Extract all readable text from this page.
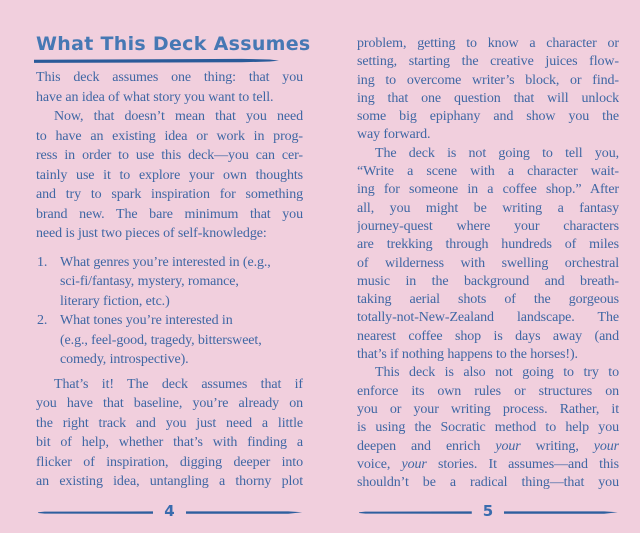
What This Deck Assumes
This deck assumes one thing: that you
have an idea of what story you want to tell.
Now, that doesn’t mean that you need
to have an existing idea or work in prog-
ress in order to use this deck—you can cer-
tainly use it to explore your own thoughts
and try to spark inspiration for something
brand new. The bare minimum that you
need is just two pieces of self-knowledge:
1. What genres you’re interested in (e.g.,
sci-fi/fantasy, mystery, romance,
literary fiction, etc.)
2. What tones you’re interested in
(e.g., feel-good, tragedy, bittersweet,
comedy, introspective).
That’s it! The deck assumes that if
you have that baseline, you’re already on
the right track and you just need a little
bit of help, whether that’s with finding a
flicker of inspiration, digging deeper into
an existing idea, untangling a thorny plot
4
problem, getting to know a character or
setting, starting the creative juices flow-
ing to overcome writer’s block, or find-
ing that one question that will unlock
some big epiphany and show you the
way forward.
The deck is not going to tell you,
“Write a scene with a character wait-
ing for someone in a coffee shop.” After
all, you might be writing a fantasy
journey-quest where your characters
are trekking through hundreds of miles
of wilderness with swelling orchestral
music in the background and breath-
taking aerial shots of the gorgeous
totally-not-New-Zealand landscape. The
nearest coffee shop is days away (and
that’s if nothing happens to the horses!).
This deck is also not going to try to
enforce its own rules or structures on
you or your writing process. Rather, it
is using the Socratic method to help you
deepen and enrich your writing, your
voice, your stories. It assumes—and this
shouldn’t be a radical thing—that you
5
